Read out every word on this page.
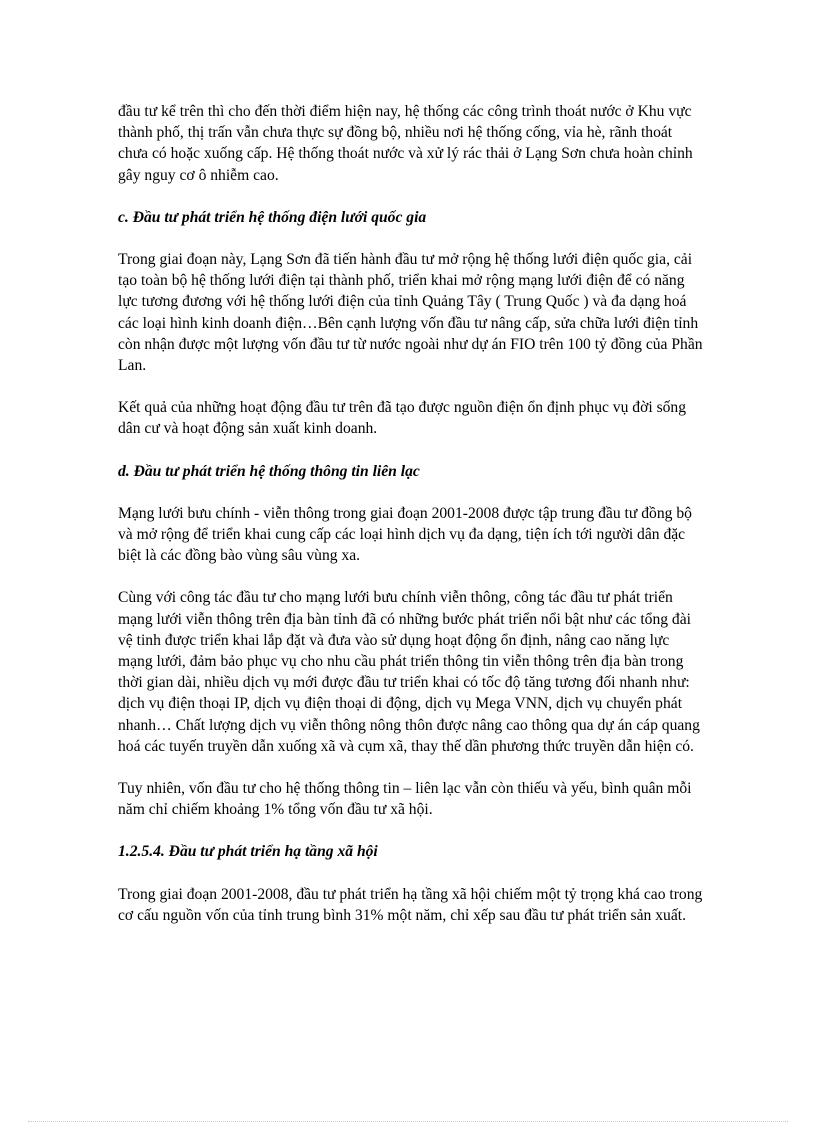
đầu tư kể trên thì cho đến thời điểm hiện nay, hệ thống các công trình thoát nước ở Khu vực thành phố, thị trấn vẫn chưa thực sự đồng bộ, nhiều nơi hệ thống cống, vỉa hè, rãnh thoát chưa có hoặc xuống cấp. Hệ thống thoát nước và xử lý rác thải ở Lạng Sơn chưa hoàn chỉnh gây nguy cơ ô nhiễm cao.

c. Đầu tư phát triển hệ thống điện lưới quốc gia

Trong giai đoạn này, Lạng Sơn đã tiến hành đầu tư mở rộng hệ thống lưới điện quốc gia, cải tạo toàn bộ hệ thống lưới điện tại thành phố, triển khai mở rộng mạng lưới điện để có năng lực tương đương với hệ thống lưới điện của tỉnh Quảng Tây ( Trung Quốc ) và đa dạng hoá các loại hình kinh doanh điện…Bên cạnh lượng vốn đầu tư nâng cấp, sửa chữa lưới điện tỉnh còn nhận được một lượng vốn đầu tư từ nước ngoài như dự án FIO trên 100 tỷ đồng của Phần Lan.

Kết quả của những hoạt động đầu tư trên đã tạo được nguồn điện ổn định phục vụ đời sống dân cư và hoạt động sản xuất kinh doanh.

d. Đầu tư phát triển hệ thống thông tin liên lạc

Mạng lưới bưu chính - viễn thông trong giai đoạn 2001-2008 được tập trung đầu tư đồng bộ và mở rộng để triển khai cung cấp các loại hình dịch vụ đa dạng, tiện ích tới người dân đặc biệt là các đồng bào vùng sâu vùng xa.

Cùng với công tác đầu tư cho mạng lưới bưu chính viễn thông, công tác đầu tư phát triển mạng lưới viễn thông trên địa bàn tỉnh đã có những bước phát triển nổi bật như các tổng đài vệ tinh được triển khai lắp đặt và đưa vào sử dụng hoạt động ổn định, nâng cao năng lực mạng lưới, đảm bảo phục vụ cho nhu cầu phát triển thông tin viễn thông trên địa bàn trong thời gian dài, nhiều dịch vụ mới được đầu tư triển khai có tốc độ tăng tương đối nhanh như: dịch vụ điện thoại IP, dịch vụ điện thoại di động, dịch vụ Mega VNN, dịch vụ chuyển phát nhanh… Chất lượng dịch vụ viễn thông nông thôn được nâng cao thông qua dự án cáp quang hoá các tuyến truyền dẫn xuống xã và cụm xã, thay thế dần phương thức truyền dẫn hiện có.

Tuy nhiên, vốn đầu tư cho hệ thống thông tin – liên lạc vẫn còn thiếu và yếu, bình quân mỗi năm chỉ chiếm khoảng 1% tổng vốn đầu tư xã hội.

1.2.5.4. Đầu tư phát triển hạ tầng xã hội

Trong giai đoạn 2001-2008, đầu tư phát triển hạ tầng xã hội chiếm một tỷ trọng khá cao trong cơ cấu nguồn vốn của tỉnh trung bình 31% một năm, chỉ xếp sau đầu tư phát triển sản xuất.
